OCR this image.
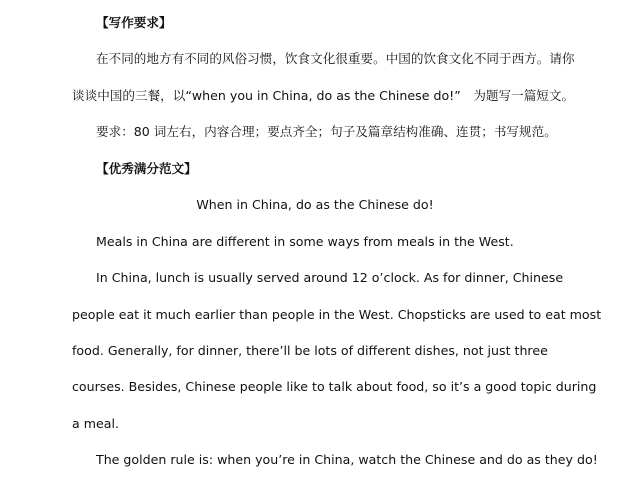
【写作要求】
在不同的地方有不同的风俗习惯，饮食文化很重要。中国的饮食文化不同于西方。请你
谈谈中国的三餐，以“when you in China, do as the Chinese do!”　为题写一篇短文。
要求：80 词左右，内容合理；要点齐全；句子及篇章结构准确、连贯；书写规范。
【优秀满分范文】
When in China, do as the Chinese do!
Meals in China are different in some ways from meals in the West.
In China, lunch is usually served around 12 o’clock. As for dinner, Chinese
people eat it much earlier than people in the West. Chopsticks are used to eat most
food. Generally, for dinner, there’ll be lots of different dishes, not just three
courses. Besides, Chinese people like to talk about food, so it’s a good topic during
a meal.
The golden rule is: when you’re in China, watch the Chinese and do as they do!
